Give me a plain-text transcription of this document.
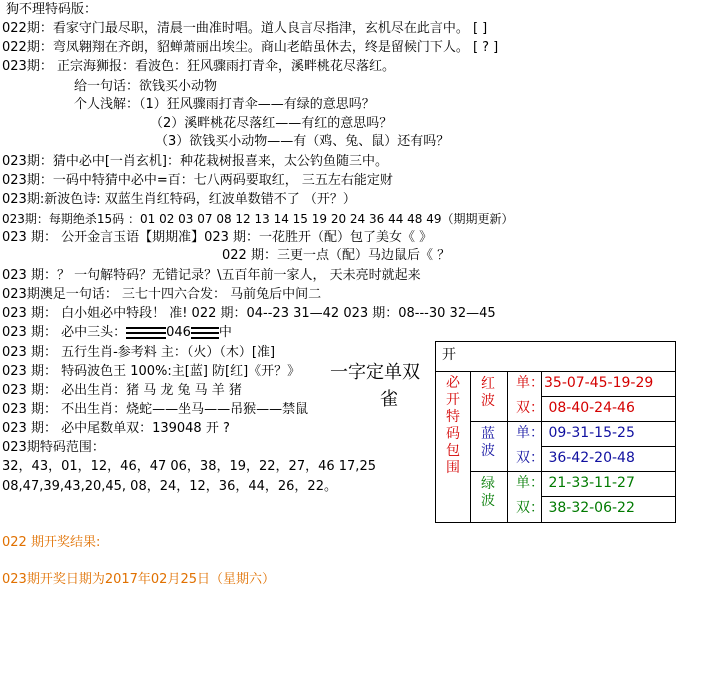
狗不理特码版：
022期：看家守门最尽职，清晨一曲准时唱。道人良言尽指津，玄机尽在此言中。 [ ]
022期：弯凤翱翔在齐朗，貂蝉萧丽出埃尘。商山老皓虽休去，终是留候门下人。 [ ? ]
023期： 正宗海狮报：看波色：狂风骤雨打青伞，溪畔桃花尽落红。
给一句话：欲钱买小动物
个人浅解：（1）狂风骤雨打青伞——有绿的意思吗？
（2）溪畔桃花尽落红——有红的意思吗？
（3）欲钱买小动物——有（鸡、兔、鼠）还有吗？
023期：猜中必中[一肖玄机]：种花栽树报喜来，太公钓鱼随三中。
023期：一码中特猜中必中=百：七八两码要取红， 三五左右能定财
023期:新波色诗: 双蓝生肖红特码，红波单数错不了 （开？）
023期：每期绝杀15码 ：01 02 03 07 08 12 13 14 15 19 20 24 36 44 48 49（期期更新）
023 期： 公开金言玉语【期期准】023 期：一花胜开（配）包了美女《 》
022 期：三更一点（配）马边鼠后《 ？
023 期：？ 一句解特码？无错记录？\五百年前一家人， 天未亮时就起来
023期澳足一句话： 三七十四六合发： 马前兔后中间二
023 期： 白小姐必中特段！ 准! 022 期：04--23 31—42 023 期：08---30 32—45
023 期： 必中三头：	046 中
023 期： 五行生肖-参考料 主：（火）（木）[准]
023 期： 特码波色王 100%:主[蓝] 防[红]《开？》
023 期： 必出生肖：猪 马 龙 兔 马 羊 猪
023 期： 不出生肖：烧蛇——坐马——吊猴——禁鼠
023 期： 必中尾数单双：139048 开 ?
023期特码范围：
32，43，01，12，46，47 06，38，19，22，27，46 17,25
08,47,39,43,20,45, 08，24，12，36，44，26，22。
一字定单双
雀
开
必开特码包围
红波
蓝波
绿波
单：35-07-45-19-29
双： 08-40-24-46
单： 09-31-15-25
双： 36-42-20-48
单： 21-33-11-27
双： 38-32-06-22
022 期开奖结果:
023期开奖日期为2017年02月25日（星期六）
